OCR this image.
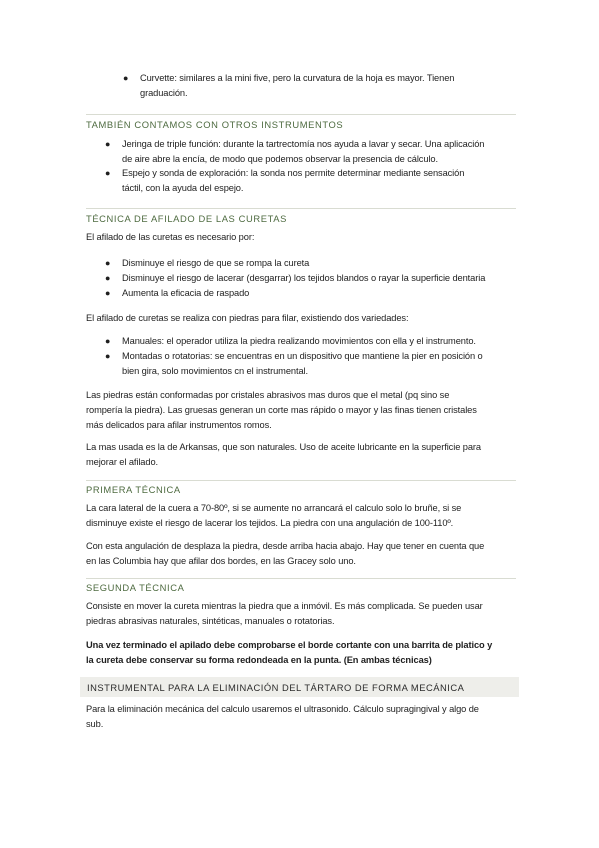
● Curvette: similares a la mini five, pero la curvatura de la hoja es mayor. Tienen
graduación.
TAMBIÉN CONTAMOS CON OTROS INSTRUMENTOS
● Jeringa de triple función: durante la tartrectomía nos ayuda a lavar y secar. Una aplicación
de aire abre la encía, de modo que podemos observar la presencia de cálculo.
● Espejo y sonda de exploración: la sonda nos permite determinar mediante sensación
táctil, con la ayuda del espejo.
TÉCNICA DE AFILADO DE LAS CURETAS
El afilado de las curetas es necesario por:
● Disminuye el riesgo de que se rompa la cureta
● Disminuye el riesgo de lacerar (desgarrar) los tejidos blandos o rayar la superficie dentaria
● Aumenta la eficacia de raspado
El afilado de curetas se realiza con piedras para filar, existiendo dos variedades:
● Manuales: el operador utiliza la piedra realizando movimientos con ella y el instrumento.
● Montadas o rotatorias: se encuentras en un dispositivo que mantiene la pier en posición o
bien gira, solo movimientos cn el instrumental.
Las piedras están conformadas por cristales abrasivos mas duros que el metal (pq sino se
rompería la piedra). Las gruesas generan un corte mas rápido o mayor y las finas tienen cristales
más delicados para afilar instrumentos romos.
La mas usada es la de Arkansas, que son naturales. Uso de aceite lubricante en la superficie para
mejorar el afilado.
PRIMERA TÉCNICA
La cara lateral de la cuera a 70-80º, si se aumente no arrancará el calculo solo lo bruñe, si se
disminuye existe el riesgo de lacerar los tejidos. La piedra con una angulación de 100-110º.
Con esta angulación de desplaza la piedra, desde arriba hacia abajo. Hay que tener en cuenta que
en las Columbia hay que afilar dos bordes, en las Gracey solo uno.
SEGUNDA TÉCNICA
Consiste en mover la cureta mientras la piedra que a inmóvil. Es más complicada. Se pueden usar
piedras abrasivas naturales, sintéticas, manuales o rotatorias.
Una vez terminado el apilado debe comprobarse el borde cortante con una barrita de platico y
la cureta debe conservar su forma redondeada en la punta. (En ambas técnicas)
INSTRUMENTAL PARA LA ELIMINACIÓN DEL TÁRTARO DE FORMA MECÁNICA
Para la eliminación mecánica del calculo usaremos el ultrasonido. Cálculo supragingival y algo de
sub.
